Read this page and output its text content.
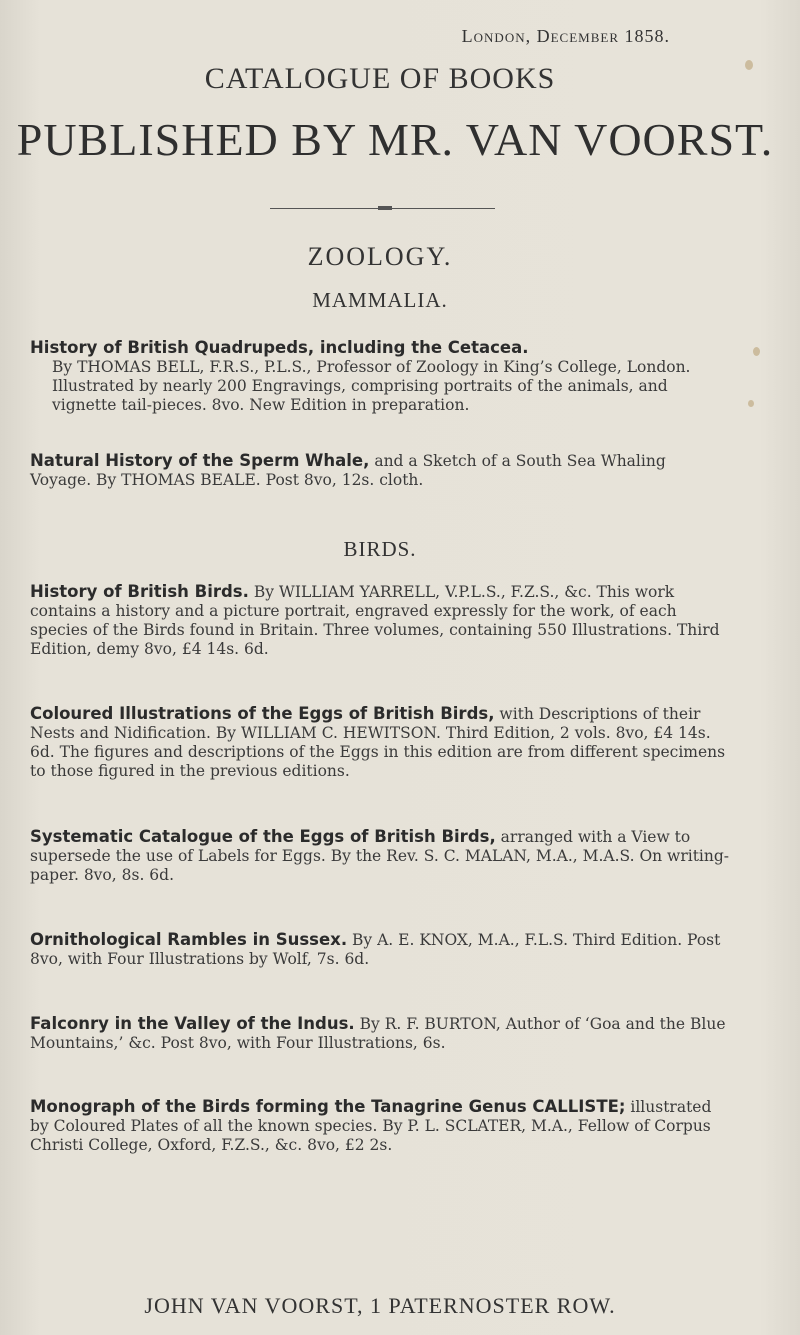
London, December 1858.
CATALOGUE OF BOOKS
PUBLISHED BY MR. VAN VOORST.
ZOOLOGY.
MAMMALIA.
History of British Quadrupeds, including the Cetacea.
By THOMAS BELL, F.R.S., P.L.S., Professor of Zoology in King’s College, London. Illustrated by nearly 200 Engravings, comprising portraits of the animals, and vignette tail-pieces. 8vo. New Edition in preparation.
Natural History of the Sperm Whale, and a Sketch of a South Sea Whaling Voyage. By THOMAS BEALE. Post 8vo, 12s. cloth.
BIRDS.
History of British Birds. By WILLIAM YARRELL, V.P.L.S., F.Z.S., &c. This work contains a history and a picture portrait, engraved expressly for the work, of each species of the Birds found in Britain. Three volumes, containing 550 Illustrations. Third Edition, demy 8vo, £4 14s. 6d.
Coloured Illustrations of the Eggs of British Birds, with Descriptions of their Nests and Nidification. By WILLIAM C. HEWITSON. Third Edition, 2 vols. 8vo, £4 14s. 6d. The figures and descriptions of the Eggs in this edition are from different specimens to those figured in the previous editions.
Systematic Catalogue of the Eggs of British Birds, arranged with a View to supersede the use of Labels for Eggs. By the Rev. S. C. MALAN, M.A., M.A.S. On writing-paper. 8vo, 8s. 6d.
Ornithological Rambles in Sussex. By A. E. KNOX, M.A., F.L.S. Third Edition. Post 8vo, with Four Illustrations by Wolf, 7s. 6d.
Falconry in the Valley of the Indus. By R. F. BURTON, Author of ‘Goa and the Blue Mountains,’ &c. Post 8vo, with Four Illustrations, 6s.
Monograph of the Birds forming the Tanagrine Genus CALLISTE; illustrated by Coloured Plates of all the known species. By P. L. SCLATER, M.A., Fellow of Corpus Christi College, Oxford, F.Z.S., &c. 8vo, £2 2s.
JOHN VAN VOORST, 1 PATERNOSTER ROW.
